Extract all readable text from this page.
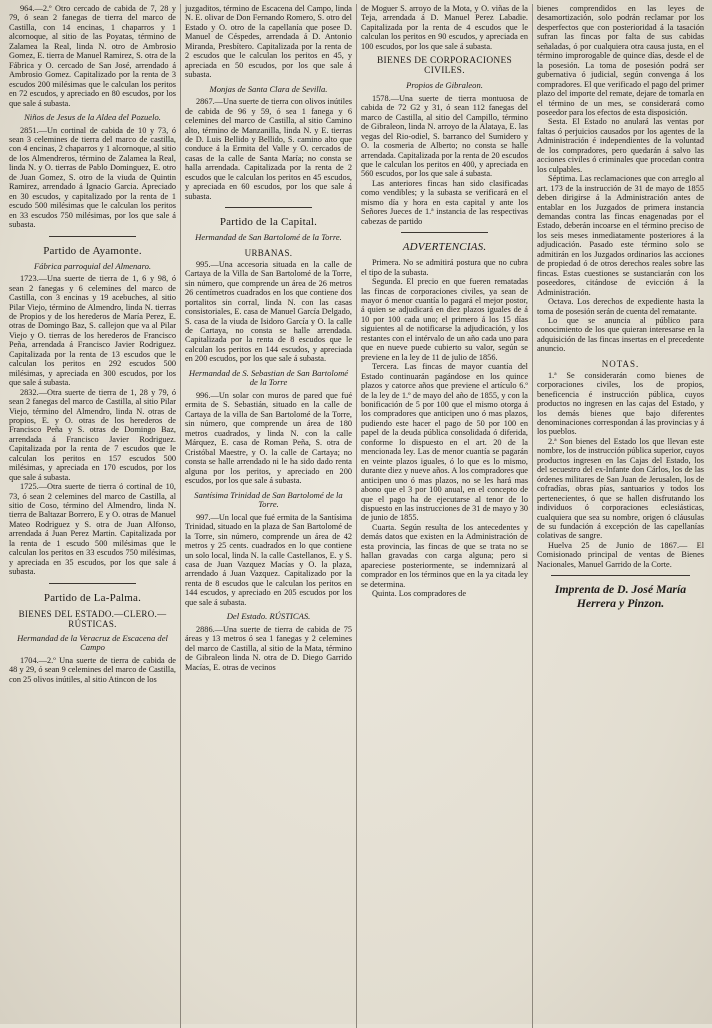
964.—2.º Otro cercado de cabida de 7, 28 y 79, ó sean 2 fanegas de tierra del marco de Castilla, con 14 encinas, 1 chaparros y 1 alcornoque, al sitio de las Poyatas, término de Zalamea la Real, linda N. otro de Ambrosio Gomez, E. tierra de Manuel Ramirez, S. otra de la Fábrica y O. cercado de San José, arrendado á Ambrosio Gomez. Capitalizado por la renta de 3 escudos 200 milésimas que le calculan los peritos en 72 escudos, y apreciado en 80 escudos, por los que sale á subasta.

Niños de Jesus de la Aldea del Pozuelo.

2851.—Un cortinal de cabida de 10 y 73, ó sean 3 celemines de tierra del marco de castilla, con 4 encinas, 2 chaparros y 1 alcornoque, al sitio de los Almendreros, término de Zalamea la Real, linda N. y O. tierras de Pablo Dominguez, E. otro de Juan Gomez, S. otro de la viuda de Quintin Ramirez, arrendado á Ignacio Garcia. Apreciado en 30 escudos, y capitalizado por la renta de 1 escudo 500 milésimas que le calculan los peritos en 33 escudos 750 milésimas, por los que sale á subasta.

Partido de Ayamonte.
Fábrica parroquial del Almenaro.

1723.—Una suerte de tierra de 1, 6 y 98, ó sean 2 fanegas y 6 celemines del marco de Castilla, con 3 encinas y 19 acebuches, al sitio Pilar Viejo, término de Almendro, linda N. tierras de Propios y de los herederos de María Perez, E. otras de Domingo Baz, S. callejon que va al Pilar Viejo y O. tierras de los herederos de Francisco Peña, arrendada á Francisco Javier Rodriguez. Capitalizada por la renta de 13 escudos que le calculan los peritos en 292 escudos 500 milésimas, y apreciada en 300 escudos, por los que sale á subasta.

2832.—Otra suerte de tierra de 1, 28 y 79, ó sean 2 fanegas del marco de Castilla, al sitio Pilar Viejo, término del Almendro, linda N. otras de propios, E. y O. otras de los herederos de Francisco Peña y S. otras de Domingo Baz, arrendada á Francisco Javier Rodriguez. Capitalizada por la renta de 7 escudos que le calculan los peritos en 157 escudos 500 milésimas, y apreciada en 170 escudos, por los que sale á subasta.

1725.—Otra suerte de tierra ó cortinal de 10, 73, ó sean 2 celemines del marco de Castilla, al sitio de Coso, término del Almendro, linda N. tierra de Baltazar Borrero, E y O. otras de Manuel Mateo Rodriguez y S. otra de Juan Alfonso, arrendada á Juan Perez Martin. Capitalizada por la renta de 1 escudo 500 milésimas que le calculan los peritos en 33 escudos 750 milésimas, y apreciada en 35 escudos, por los que sale á subasta.

Partido de La-Palma.
BIENES DEL ESTADO.—CLERO.— RÚSTICAS.
Hermandad de la Veracruz de Escacena del Campo

1704.—2.º Una suerte de tierra de cabida de 48 y 29, ó sean 9 celemines del marco de Castilla, con 25 olivos inútiles, al sitio Atincon de los

juzgaditos, término de Escacena del Campo, linda N. E. olivar de Don Fernando Romero, S. otro del Estado y O. otro de la capellanía que posee D. Manuel de Céspedes, arrendada á D. Antonio Miranda, Presbítero. Capitalizada por la renta de 2 escudos que le calculan los peritos en 45, y apreciada en 50 escudos, por los que sale á subasta.

Monjas de Santa Clara de Sevilla.

2867.—Una suerte de tierra con olivos inútiles de cabida de 96 y 59, ó sea 1 fanega y 6 celemines del marco de Castilla, al sitio Camino alto, término de Manzanilla, linda N. y E. tierras de D. Luis Bellido y Bellido, S. camino alto que conduce á la Ermita del Valle y O. cercados de casas de la calle de Santa María; no consta se halla arrendada. Capitalizada por la renta de 2 escudos que le calculan los peritos en 45 escudos, y apreciada en 60 escudos, por los que sale á subasta.

Partido de la Capital.
Hermandad de San Bartolomé de la Torre.
URBANAS.

995.—Una accesoria situada en la calle de Cartaya de la Villa de San Bartolomé de la Torre, sin número, que comprende un área de 26 metros 26 centímetros cuadrados en los que contiene dos portalitos sin corral, linda N. con las casas consistoriales, E. casa de Manuel García Delgado, S. casa de la viuda de Isidoro García y O. la calle de Cartaya, no consta se halle arrendada. Capitalizada por la renta de 8 escudos que le calculan los peritos en 144 escudos, y apreciada en 200 escudos, por los que sale á subasta.

Hermandad de S. Sebastian de San Bartolomé de la Torre

996.—Un solar con muros de pared que fué ermita de S. Sebastián, situado en la calle de Cartaya de la villa de San Bartolomé de la Torre, sin número, que comprende un área de 180 metros cuadrados, y linda N. con la calle Márquez, E. casa de Roman Peña, S. otra de Cristóbal Maestre, y O. la calle de Cartaya; no consta se halle arrendado ni le ha sido dado renta alguna por los peritos, y apreciado en 200 escudos, por los que sale á subasta.

Santísima Trinidad de San Bartolomé de la Torre.

997.—Un local que fué ermita de la Santísima Trinidad, situado en la plaza de San Bartolomé de la Torre, sin número, comprende un área de 42 metros y 25 cents. cuadrados en lo que contiene un solo local, linda N. la calle Castellanos, E. y S. casa de Juan Vazquez Macías y O. la plaza, arrendado á Juan Vazquez. Capitalizado por la renta de 8 escudos que le calculan los peritos en 144 escudos, y apreciado en 205 escudos por los que sale á subasta.

Del Estado. RÚSTICAS.

2886.—Una suerte de tierra de cabida de 75 áreas y 13 metros ó sea 1 fanegas y 2 celemines del marco de Castilla, al sitio de la Mata, término de Gibraleon linda N. otra de D. Diego Garrido Macías, E. otras de vecinos

de Moguer S. arroyo de la Mota, y O. viñas de la Teja, arrendada á D. Manuel Perez Labadie. Capitalizada por la renta de 4 escudos que le calculan los peritos en 90 escudos, y apreciada en 100 escudos, por los que sale á subasta.

BIENES DE CORPORACIONES CIVILES.
Propios de Gibraleon.

1578.—Una suerte de tierra montuosa de cabida de 72 G2 y 31, ó sean 112 fanegas del marco de Castilla, al sitio del Campillo, término de Gibraleon, linda N. arroyo de la Alataya, E. las vegas del Rio-odiel, S. barranco del Sumidero y O. la cosmeria de Alberto; no consta se halle arrendada. Capitalizada por la renta de 20 escudos que le calculan los peritos en 400, y apreciada en 560 escudos, por los que sale á subasta.

Las anteriores fincas han sido clasificadas como vendibles; y la subasta se verificará en el mismo día y hora en esta capital y ante los Señores Jueces de 1.ª instancia de las respectivas cabezas de partido

ADVERTENCIAS.

Primera. No se admitirá postura que no cubra el tipo de la subasta.

Segunda. El precio en que fueren rematadas las fincas de corporaciones civiles, ya sean de mayor ó menor cuantía lo pagará el mejor postor, á quien se adjudicará en diez plazos iguales de á 10 por 100 cada uno; el primero á los 15 días siguientes al de notificarse la adjudicación, y los restantes con el intérvalo de un año cada uno para que en nueve puede cubierto su valor, según se previene en la ley de 11 de julio de 1856.

Tercera. Las fincas de mayor cuantía del Estado continuarán pagándose en los quince plazos y catorce años que previene el artículo 6.º de la ley de 1.º de mayo del año de 1855, y con la bonificación de 5 por 100 que el mismo otorga á los compradores que anticipen uno ó mas plazos, pudiendo este hacer el pago de 50 por 100 en papel de la deuda pública consolidada ó diferida, conforme lo dispuesto en el art. 20 de la mencionada ley. Las de menor cuantía se pagarán en veinte plazos iguales, ó lo que es lo mismo, durante diez y nueve años. A los compradores que anticipen uno ó mas plazos, no se les hará mas abono que el 3 por 100 anual, en el concepto de que el pago ha de ejecutarse al tenor de lo dispuesto en las instrucciones de 31 de mayo y 30 de junio de 1855.

Cuarta. Según resulta de los antecedentes y demás datos que existen en la Administración de esta provincia, las fincas de que se trata no se hallan gravadas con carga alguna; pero si apareciese posteriormente, se indemnizará al comprador en los términos que en la ya citada ley se determina.

Quinta. Los compradores de

bienes comprendidos en las leyes de desamortización, solo podrán reclamar por los desperfectos que con posterioridad á la tasación sufran las fincas por falta de sus cabidas señaladas, ó por cualquiera otra causa justa, en el término improrogable de quince días, desde el de la posesión. La toma de posesión podrá ser gubernativa ó judicial, según convenga á los compradores. El que verificado el pago del primer plazo del importe del remate, dejare de tomarla en el término de un mes, se considerará como poseedor para los efectos de esta disposición.

Sesta. El Estado no anulará las ventas por faltas ó perjuicios causados por los agentes de la Administración é independientes de la voluntad de los compradores, pero quedarán á salvo las acciones civiles ó criminales que procedan contra los culpables.

Séptima. Las reclamaciones que con arreglo al art. 173 de la instrucción de 31 de mayo de 1855 deben dirigirse á la Administración antes de entablar en los Juzgados de primera instancia demandas contra las fincas enagenadas por el Estado, deberán incoarse en el término preciso de los seis meses inmediatamente posteriores á la adjudicación. Pasado este término solo se admitirán en los Juzgados ordinarios las acciones de propiedad ó de otros derechos reales sobre las fincas. Estas cuestiones se sustanciarán con los poseedores, citándose de evicción á la Administración.

Octava. Los derechos de expediente hasta la toma de posesión serán de cuenta del rematante.

Lo que se anuncia al público para conocimiento de los que quieran interesarse en la adquisición de las fincas insertas en el precedente anuncio.

NOTAS.

1.ª Se considerarán como bienes de corporaciones civiles, los de propios, beneficencia é instrucción pública, cuyos productos no ingresen en las cajas del Estado, y los demás bienes que bajo diferentes denominaciones correspondan á las provincias y á los pueblos.

2.ª Son bienes del Estado los que llevan este nombre, los de instrucción pública superior, cuyos productos ingresen en las Cajas del Estado, los del secuestro del ex-Infante don Cárlos, los de las órdenes militares de San Juan de Jerusalen, los de cofradías, obras pías, santuarios y todos los pertenecientes, ó que se hallen disfrutando los individuos ó corporaciones eclesiásticas, cualquiera que sea su nombre, origen ó cláusulas de su fundación á excepción de las capellanías colativas de sangre.

Huelva 25 de Junio de 1867.— El Comisionado principal de ventas de Bienes Nacionales, Manuel Garrido de la Corte.

Imprenta de D. José María Herrera y Pinzon.
